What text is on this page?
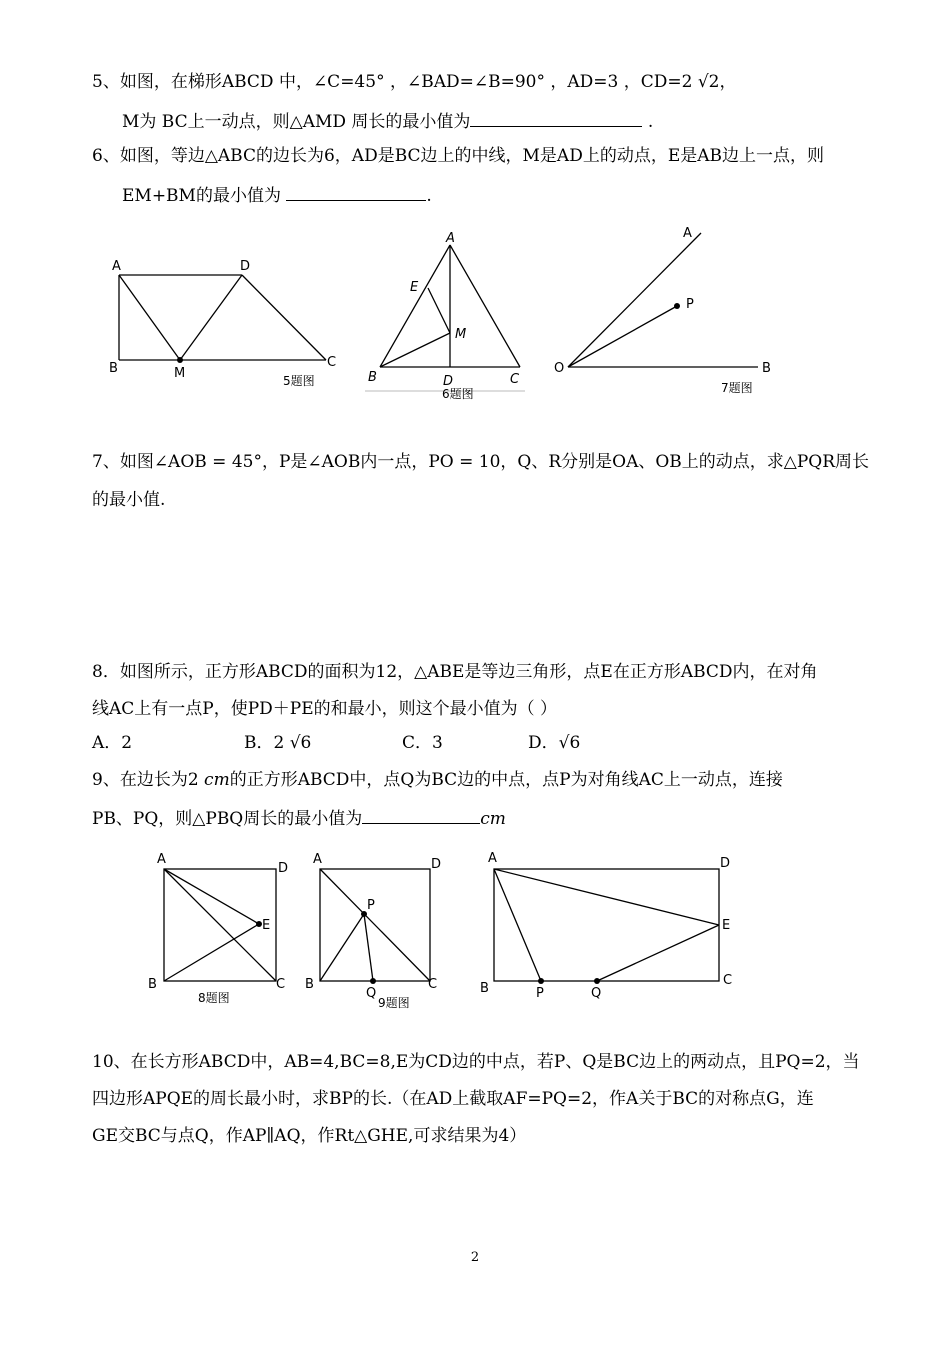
5、如图，在梯形ABCD 中，∠C=45° ，∠BAD=∠B=90° ，AD=3 ，CD=2 √2，
M为 BC上一动点，则△AMD 周长的最小值为	.
6、如图，等边△ABC的边长为6，AD是BC边上的中线，M是AD上的动点，E是AB边上一点，则
EM+BM的最小值为	.
A	D
B	M
C
5题图
A
E
M
B	D	C
6题图
A
P
O	B
7题图
7、如图∠AOB = 45°，P是∠AOB内一点，PO = 10，Q、R分别是OA、OB上的动点，求△PQR周长
的最小值.
8．如图所示，正方形ABCD的面积为12，△ABE是等边三角形，点E在正方形ABCD内，在对角
线AC上有一点P，使PD＋PE的和最小，则这个最小值为（ ）
A．2	B．2 √6	C．3	D．√6
9、在边长为2 cm的正方形ABCD中，点Q为BC边的中点，点P为对角线AC上一动点，连接
PB、PQ，则△PBQ周长的最小值为	cm
A
D
E
B	C
8题图
A	D
P
B
Q
C
9题图
A	D
E
B	P	Q
C
10、在长方形ABCD中，AB=4,BC=8,E为CD边的中点，若P、Q是BC边上的两动点，且PQ=2，当
四边形APQE的周长最小时，求BP的长.（在AD上截取AF=PQ=2，作A关于BC的对称点G，连
GE交BC与点Q，作AP∥AQ，作Rt△GHE,可求结果为4）
2
